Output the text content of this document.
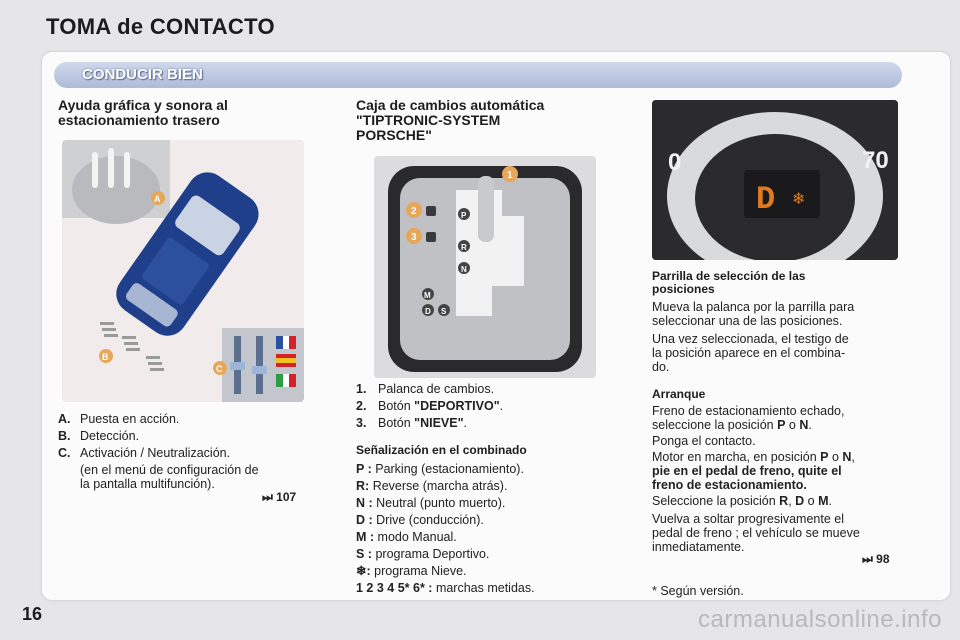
TOMA de CONTACTO
CONDUCIR BIEN
Ayuda gráfica y sonora al
estacionamiento trasero
A
B
C
A. Puesta en acción.
B. Detección.
C. Activación / Neutralización.
(en el menú de configuración de
la pantalla multifunción).
⏭ 107
Caja de cambios automática
"TIPTRONIC-SYSTEM
PORSCHE"
1
2
3
P
R
N
D
M
S
1. Palanca de cambios.
2. Botón "DEPORTIVO".
3. Botón "NIEVE".
Señalización en el combinado
P : Parking (estacionamiento).
R: Reverse (marcha atrás).
N : Neutral (punto muerto).
D : Drive (conducción).
M : modo Manual.
S : programa Deportivo.
❄: programa Nieve.
1 2 3 4 5* 6* : marchas metidas.
0	70
D ❄
Parrilla de selección de las
posiciones
Mueva la palanca por la parrilla para
seleccionar una de las posiciones.
Una vez seleccionada, el testigo de
la posición aparece en el combina-
do.
Arranque
Freno de estacionamiento echado,
seleccione la posición P o N.
Ponga el contacto.
Motor en marcha, en posición P o N,
pie en el pedal de freno, quite el
freno de estacionamiento.
Seleccione la posición R, D o M.
Vuelva a soltar progresivamente el
pedal de freno ; el vehículo se mueve
inmediatamente.
⏭ 98
* Según versión.
16	carmanualsonline.info
